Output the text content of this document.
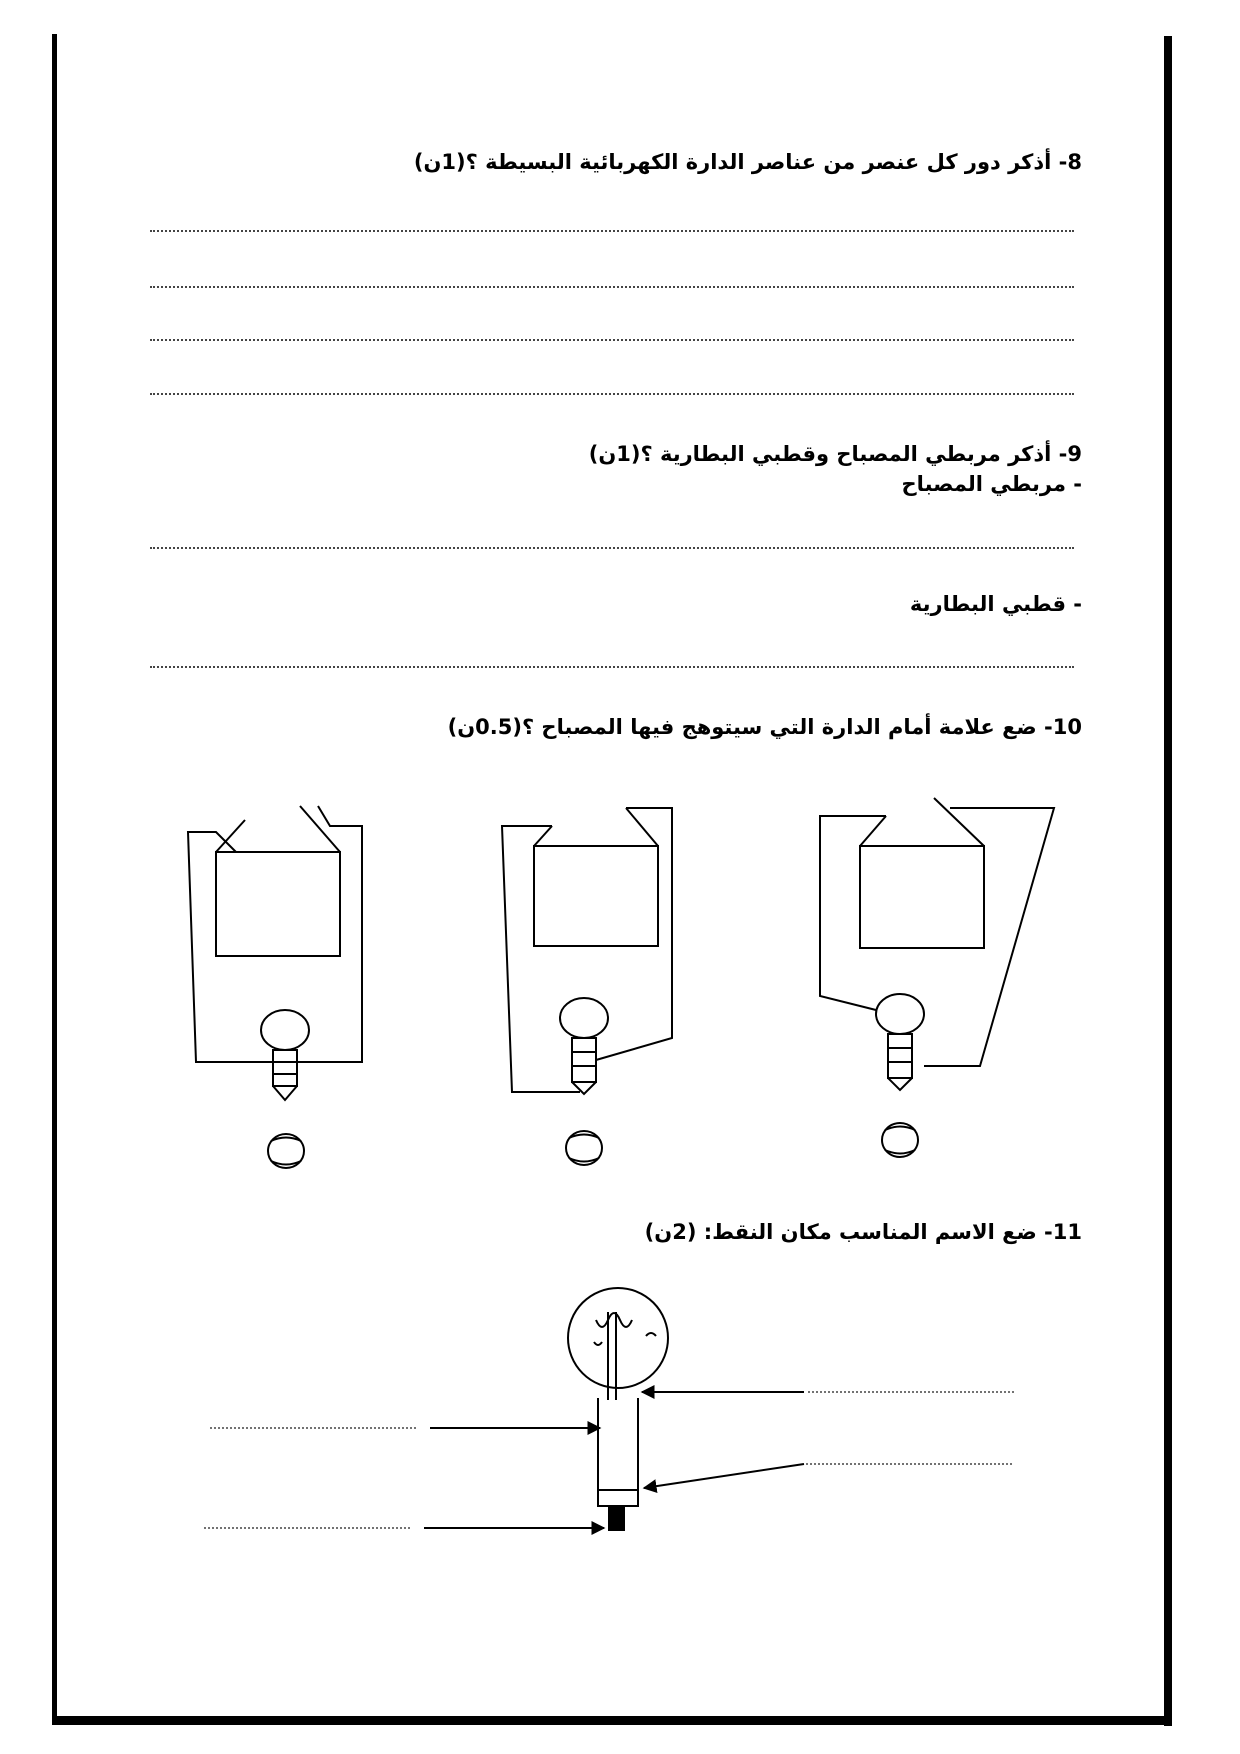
8- أذكر دور كل عنصر من عناصر الدارة الكهربائية البسيطة ؟(1ن)
9- أذكر مربطي المصباح وقطبي البطارية ؟(1ن)
- مربطي المصباح
- قطبي البطارية
10- ضع علامة أمام الدارة التي سيتوهج فيها المصباح ؟(0.5ن)
11- ضع الاسم المناسب مكان النقط: (2ن)
